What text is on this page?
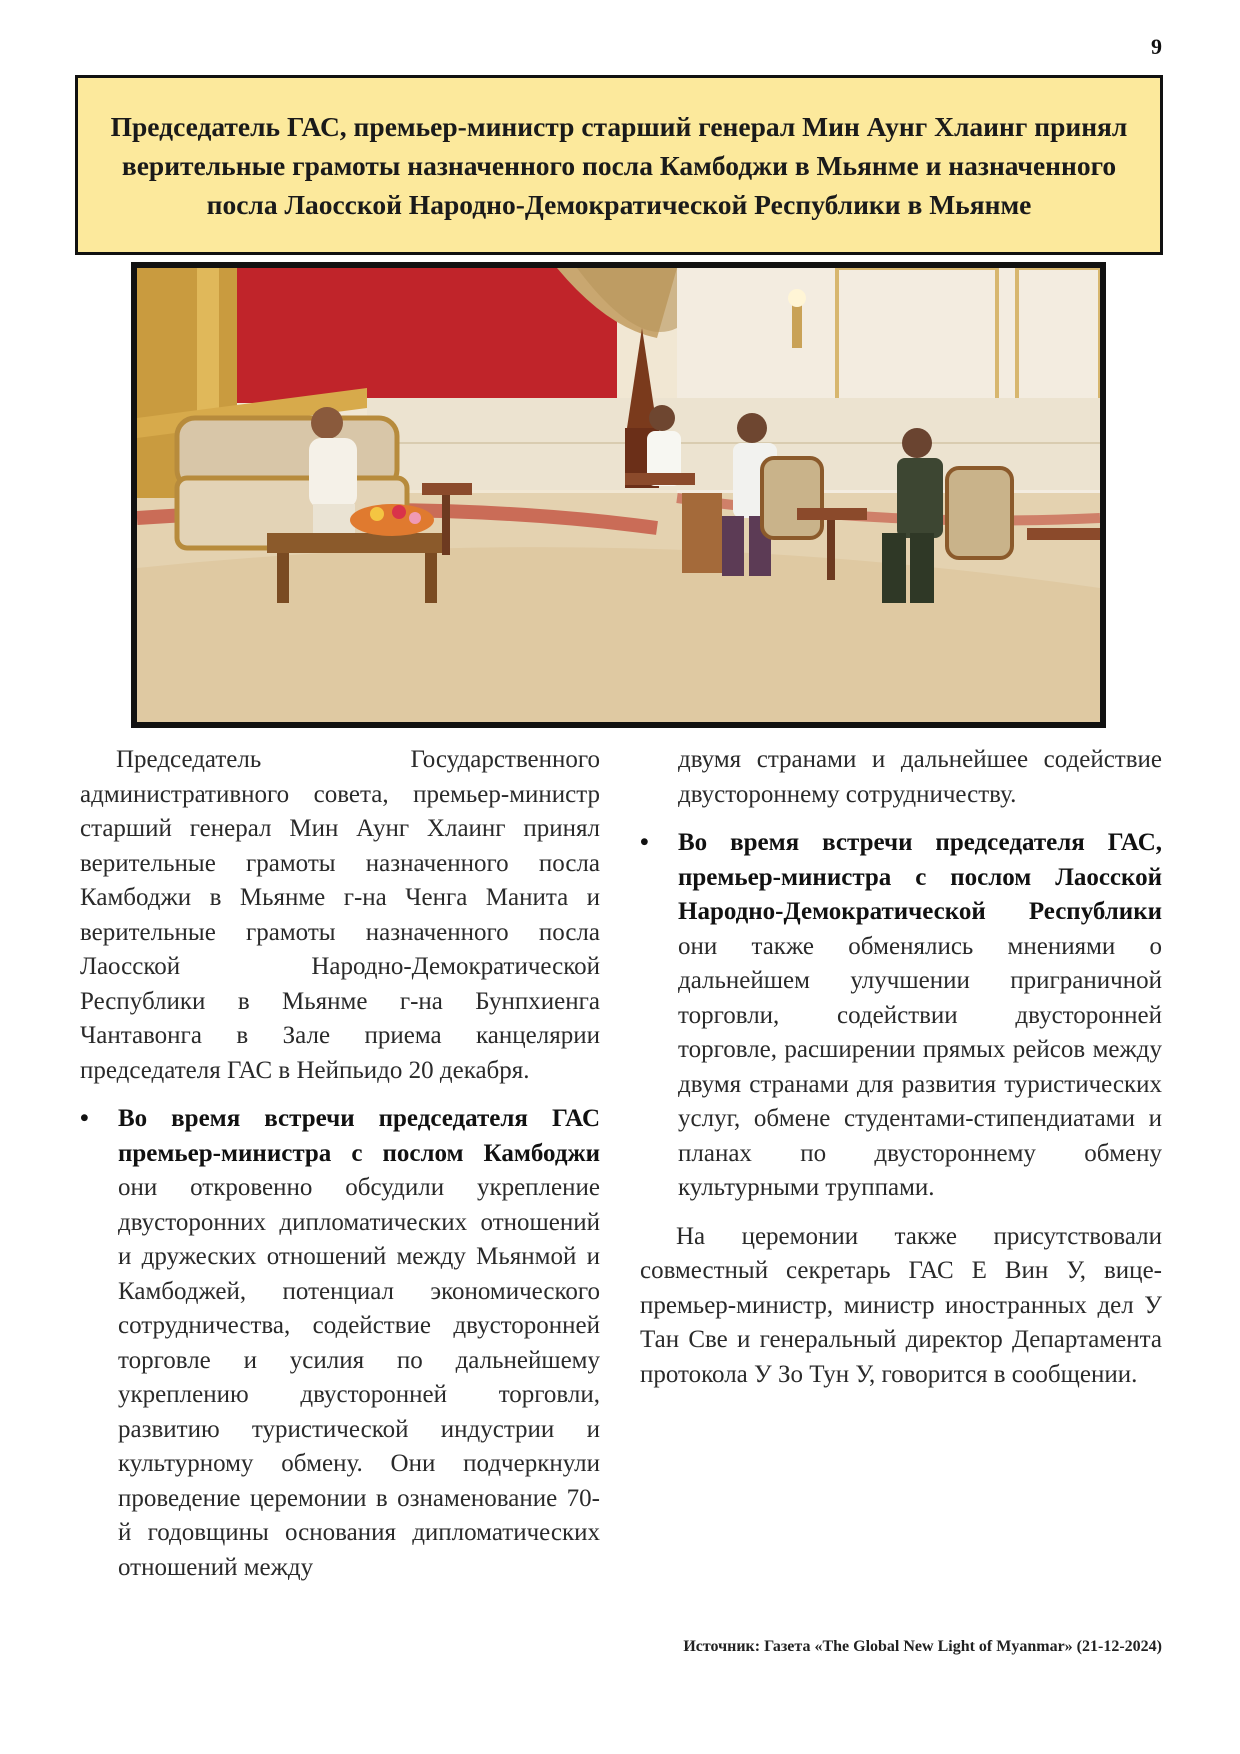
9
Председатель ГАС, премьер-министр старший генерал Мин Аунг Хлаинг принял верительные грамоты назначенного посла Камбоджи в Мьянме и назначенного посла Лаосской Народно-Демократической Республики в Мьянме

Председатель Государственного административного совета, премьер-министр старший генерал Мин Аунг Хлаинг принял верительные грамоты назначенного посла Камбоджи в Мьянме г-на Ченга Манита и верительные грамоты назначенного посла Лаосской Народно-Демократической Республики в Мьянме г-на Бунпхиенга Чантавонга в Зале приема канцелярии председателя ГАС в Нейпьидо 20 декабря.

• Во время встречи председателя ГАС премьер-министра с послом Камбоджи они откровенно обсудили укрепление двусторонних дипломатических отношений и дружеских отношений между Мьянмой и Камбоджей, потенциал экономического сотрудничества, содействие двусторонней торговле и усилия по дальнейшему укреплению двусторонней торговли, развитию туристической индустрии и культурному обмену. Они подчеркнули проведение церемонии в ознаменование 70-й годовщины основания дипломатических отношений между

двумя странами и дальнейшее содействие двустороннему сотрудничеству.

• Во время встречи председателя ГАС, премьер-министра с послом Лаосской Народно-Демократической Республики они также обменялись мнениями о дальнейшем улучшении приграничной торговли, содействии двусторонней торговле, расширении прямых рейсов между двумя странами для развития туристических услуг, обмене студентами-стипендиатами и планах по двустороннему обмену культурными труппами.

На церемонии также присутствовали совместный секретарь ГАС Е Вин У, вице-премьер-министр, министр иностранных дел У Тан Све и генеральный директор Департамента протокола У Зо Тун У, говорится в сообщении.

Источник: Газета «The Global New Light of Myanmar» (21-12-2024)
